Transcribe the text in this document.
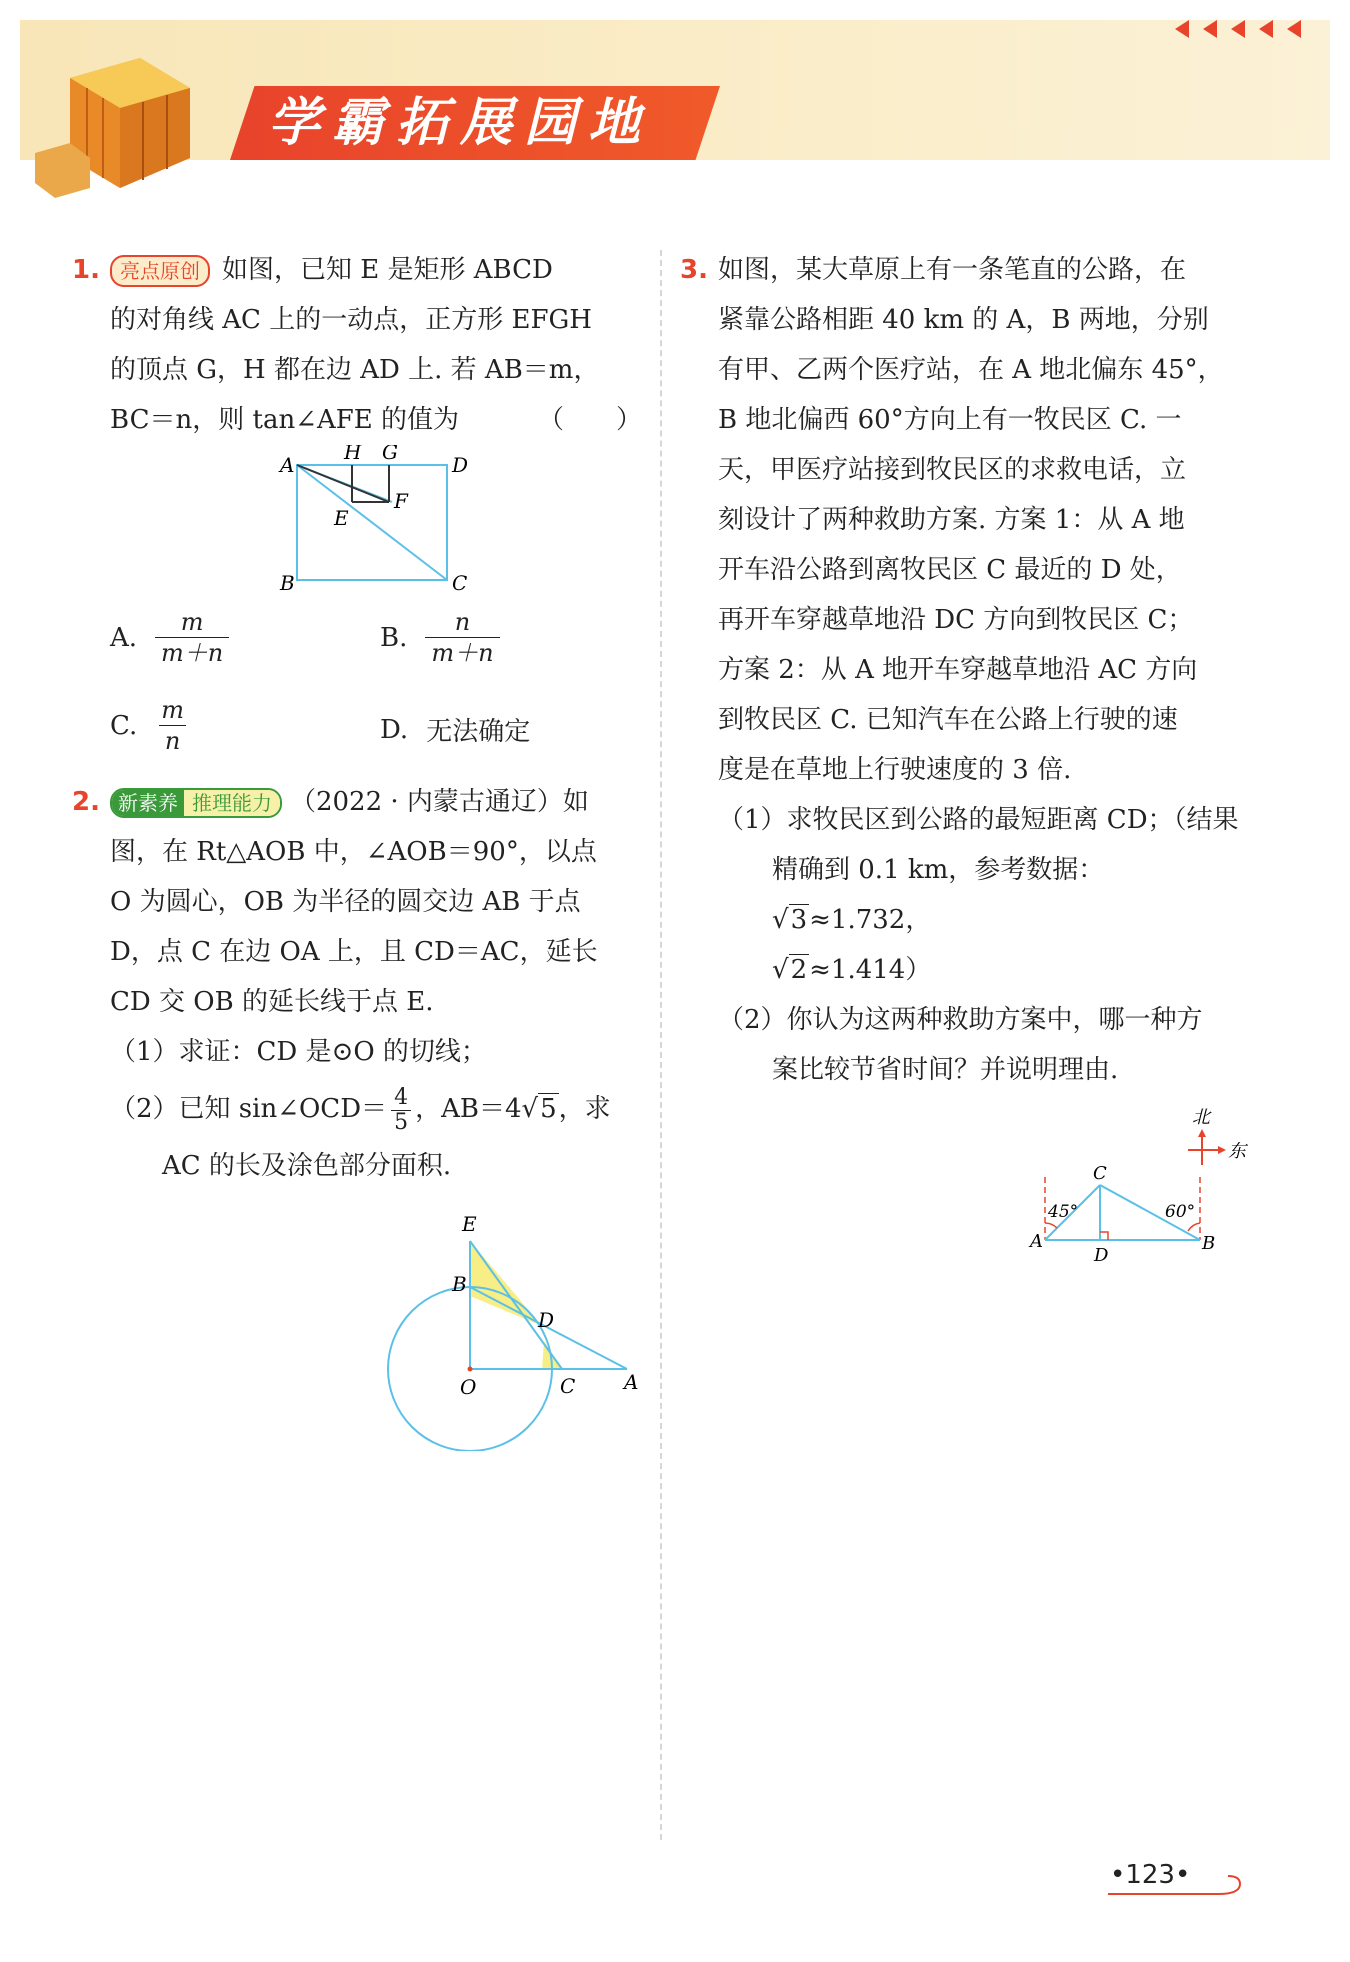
学霸拓展园地

1. 亮点原创 如图，已知 E 是矩形 ABCD

的对角线 AC 上的一动点，正方形 EFGH

的顶点 G，H 都在边 AD 上. 若 AB＝m，

BC＝n，则 tan∠AFE 的值为	（　　）

A
H G
D
F
E
B	C
A. $\frac{m}{m+n}$	B. $\frac{n}{m+n}$
C. $\frac{m}{n}$	D. 无法确定

2. 新素养 推理能力 （2022 · 内蒙古通辽）如

图，在 Rt△AOB 中，∠AOB＝90°，以点

O 为圆心，OB 为半径的圆交边 AB 于点

D，点 C 在边 OA 上，且 CD＝AC，延长

CD 交 OB 的延长线于点 E.

（1）求证：CD 是⊙O 的切线；

（2）已知 sin∠OCD＝ $\frac{4}{5}$ ，AB＝4√5，求

AC 的长及涂色部分面积.

E
B
D
O	C A

3. 如图，某大草原上有一条笔直的公路，在

紧靠公路相距 40 km 的 A，B 两地，分别

有甲、乙两个医疗站，在 A 地北偏东 45°，

B 地北偏西 60°方向上有一牧民区 C. 一

天，甲医疗站接到牧民区的求救电话，立

刻设计了两种救助方案. 方案 1：从 A 地

开车沿公路到离牧民区 C 最近的 D 处，

再开车穿越草地沿 DC 方向到牧民区 C；

方案 2：从 A 地开车穿越草地沿 AC 方向

到牧民区 C. 已知汽车在公路上行驶的速

度是在草地上行驶速度的 3 倍.

（1）求牧民区到公路的最短距离 CD；（结果

精确到 0.1 km，参考数据：√3≈1.732，

√2≈1.414）

（2）你认为这两种救助方案中，哪一种方

案比较节省时间？并说明理由.

北
东
C
A
D
B
45°	60°
•123•
